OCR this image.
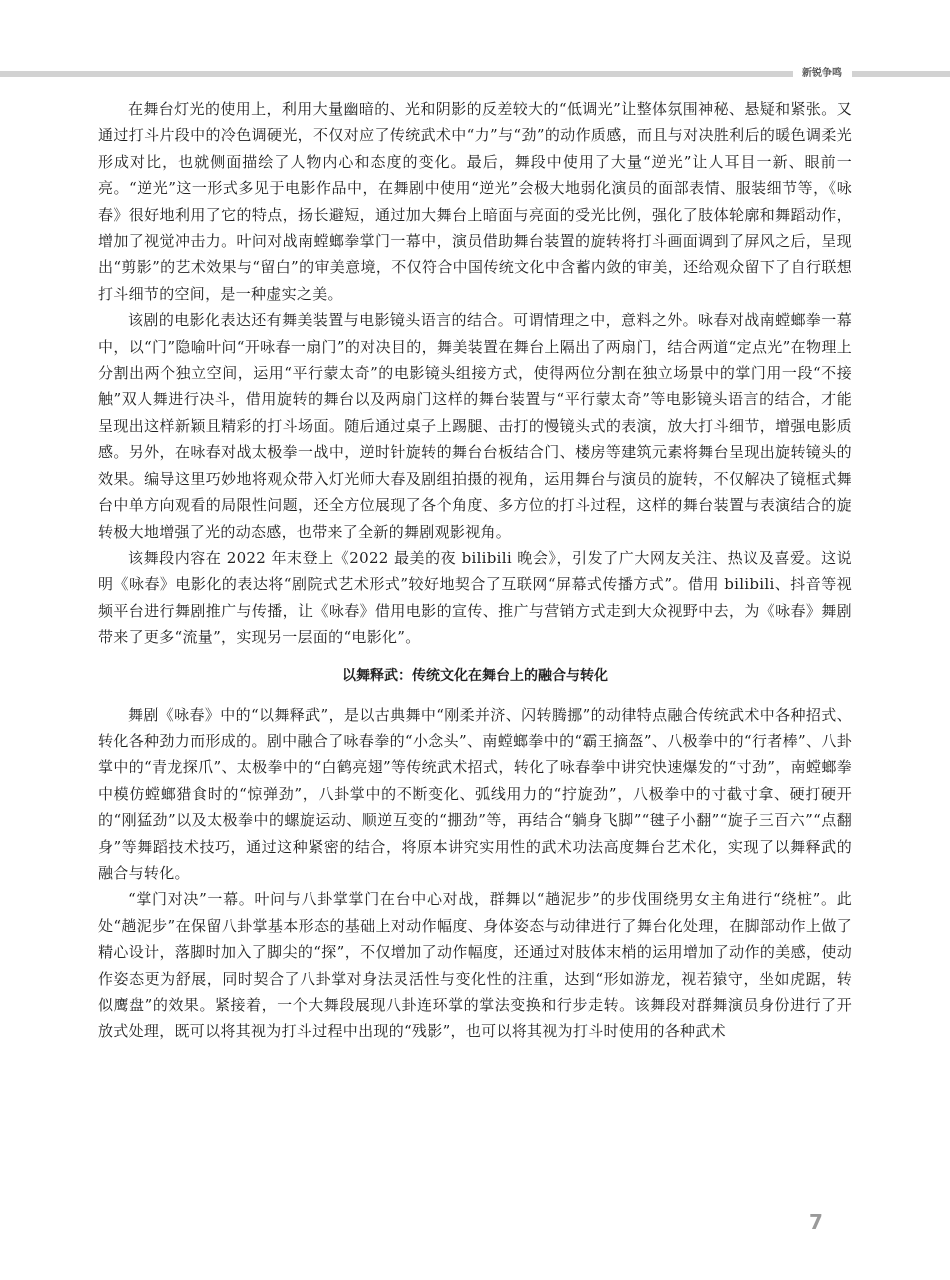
新锐争鸣

在舞台灯光的使用上，利用大量幽暗的、光和阴影的反差较大的“低调光”让整体氛围神秘、悬疑和紧张。又通过打斗片段中的冷色调硬光，不仅对应了传统武术中“力”与“劲”的动作质感，而且与对决胜利后的暖色调柔光形成对比，也就侧面描绘了人物内心和态度的变化。最后，舞段中使用了大量“逆光”让人耳目一新、眼前一亮。“逆光”这一形式多见于电影作品中，在舞剧中使用“逆光”会极大地弱化演员的面部表情、服装细节等，《咏春》很好地利用了它的特点，扬长避短，通过加大舞台上暗面与亮面的受光比例，强化了肢体轮廓和舞蹈动作，增加了视觉冲击力。叶问对战南螳螂拳掌门一幕中，演员借助舞台装置的旋转将打斗画面调到了屏风之后，呈现出“剪影”的艺术效果与“留白”的审美意境，不仅符合中国传统文化中含蓄内敛的审美，还给观众留下了自行联想打斗细节的空间，是一种虚实之美。

该剧的电影化表达还有舞美装置与电影镜头语言的结合。可谓情理之中，意料之外。咏春对战南螳螂拳一幕中，以“门”隐喻叶问“开咏春一扇门”的对决目的，舞美装置在舞台上隔出了两扇门，结合两道“定点光”在物理上分割出两个独立空间，运用“平行蒙太奇”的电影镜头组接方式，使得两位分割在独立场景中的掌门用一段“不接触”双人舞进行决斗，借用旋转的舞台以及两扇门这样的舞台装置与“平行蒙太奇”等电影镜头语言的结合，才能呈现出这样新颖且精彩的打斗场面。随后通过桌子上踢腿、击打的慢镜头式的表演，放大打斗细节，增强电影质感。另外，在咏春对战太极拳一战中，逆时针旋转的舞台台板结合门、楼房等建筑元素将舞台呈现出旋转镜头的效果。编导这里巧妙地将观众带入灯光师大春及剧组拍摄的视角，运用舞台与演员的旋转，不仅解决了镜框式舞台中单方向观看的局限性问题，还全方位展现了各个角度、多方位的打斗过程，这样的舞台装置与表演结合的旋转极大地增强了光的动态感，也带来了全新的舞剧观影视角。

该舞段内容在 2022 年末登上《2022 最美的夜 bilibili 晚会》，引发了广大网友关注、热议及喜爱。这说明《咏春》电影化的表达将“剧院式艺术形式”较好地契合了互联网“屏幕式传播方式”。借用 bilibili、抖音等视频平台进行舞剧推广与传播，让《咏春》借用电影的宣传、推广与营销方式走到大众视野中去，为《咏春》舞剧带来了更多“流量”，实现另一层面的“电影化”。

以舞释武：传统文化在舞台上的融合与转化

舞剧《咏春》中的“以舞释武”，是以古典舞中“刚柔并济、闪转腾挪”的动律特点融合传统武术中各种招式、转化各种劲力而形成的。剧中融合了咏春拳的“小念头”、南螳螂拳中的“霸王摘盔”、八极拳中的“行者棒”、八卦掌中的“青龙探爪”、太极拳中的“白鹤亮翅”等传统武术招式，转化了咏春拳中讲究快速爆发的“寸劲”，南螳螂拳中模仿螳螂猎食时的“惊弹劲”，八卦掌中的不断变化、弧线用力的“拧旋劲”，八极拳中的寸截寸拿、硬打硬开的“刚猛劲”以及太极拳中的螺旋运动、顺逆互变的“掤劲”等，再结合“躺身飞脚”“毽子小翻”“旋子三百六”“点翻身”等舞蹈技术技巧，通过这种紧密的结合，将原本讲究实用性的武术功法高度舞台艺术化，实现了以舞释武的融合与转化。

“掌门对决”一幕。叶问与八卦掌掌门在台中心对战，群舞以“趟泥步”的步伐围绕男女主角进行“绕桩”。此处“趟泥步”在保留八卦掌基本形态的基础上对动作幅度、身体姿态与动律进行了舞台化处理，在脚部动作上做了精心设计，落脚时加入了脚尖的“探”，不仅增加了动作幅度，还通过对肢体末梢的运用增加了动作的美感，使动作姿态更为舒展，同时契合了八卦掌对身法灵活性与变化性的注重，达到“形如游龙，视若猿守，坐如虎踞，转似鹰盘”的效果。紧接着，一个大舞段展现八卦连环掌的掌法变换和行步走转。该舞段对群舞演员身份进行了开放式处理，既可以将其视为打斗过程中出现的“残影”，也可以将其视为打斗时使用的各种武术

7
